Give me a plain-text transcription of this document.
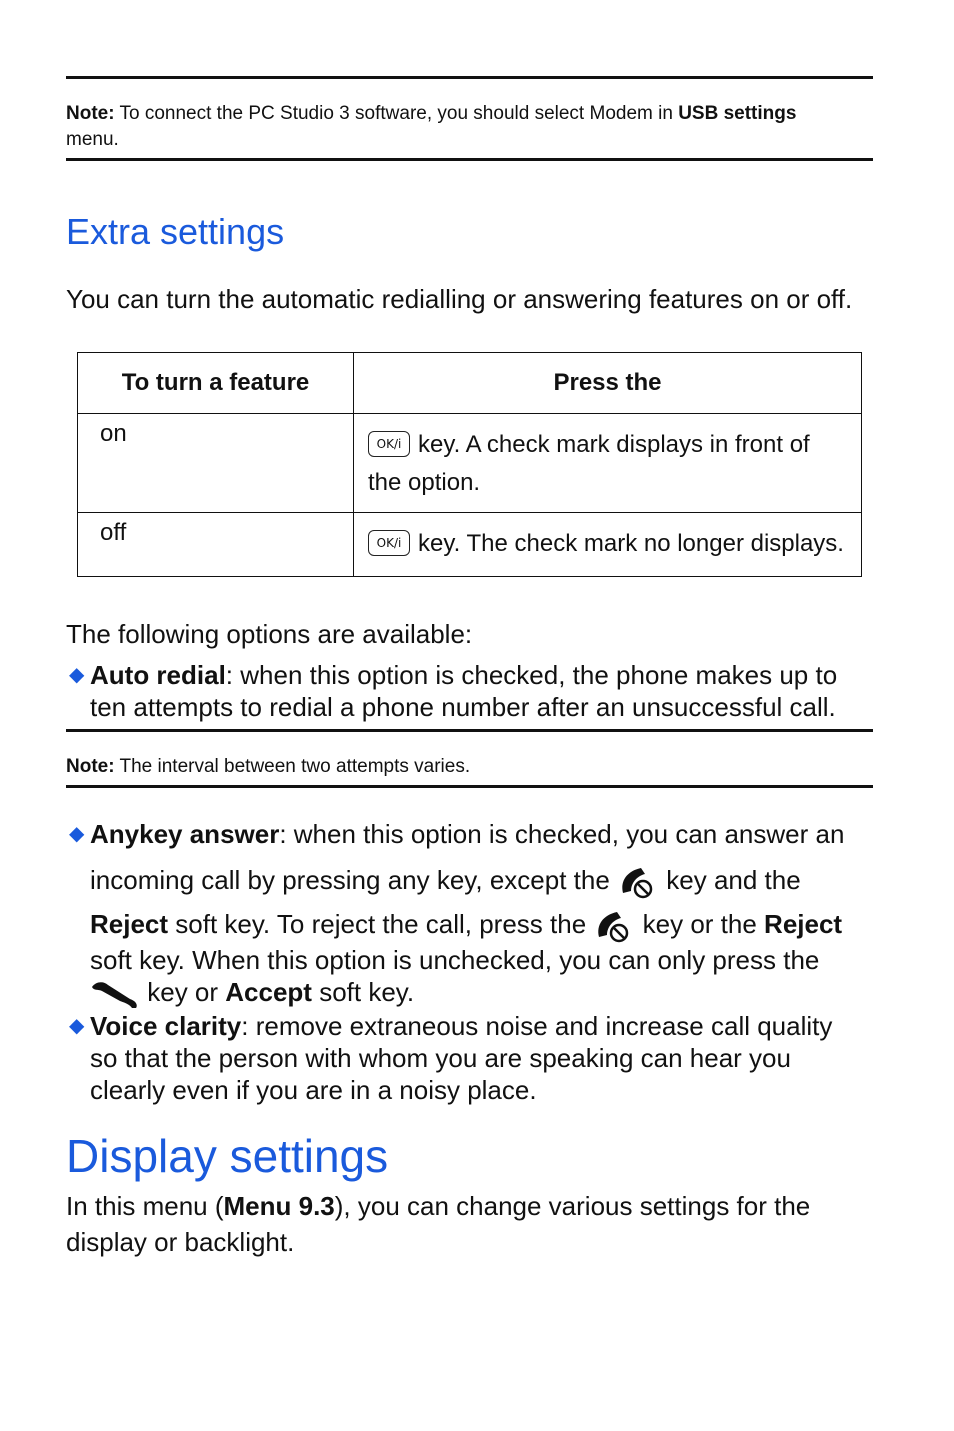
Note: To connect the PC Studio 3 software, you should select Modem in USB settings
menu.
Extra settings
You can turn the automatic redialling or answering features on or off.
To turn a feature	Press the
on	OK/i key. A check mark displays in front of
the option.
off	OK/i key. The check mark no longer displays.
The following options are available:
◆ Auto redial: when this option is checked, the phone makes up to
ten attempts to redial a phone number after an unsuccessful call.
Note: The interval between two attempts varies.
◆ Anykey answer: when this option is checked, you can answer an
incoming call by pressing any key, except the key and the
Reject soft key. To reject the call, press the key or the Reject
soft key. When this option is unchecked, you can only press the
key or Accept soft key.
◆ Voice clarity: remove extraneous noise and increase call quality
so that the person with whom you are speaking can hear you
clearly even if you are in a noisy place.
Display settings
In this menu (Menu 9.3), you can change various settings for the
display or backlight.
